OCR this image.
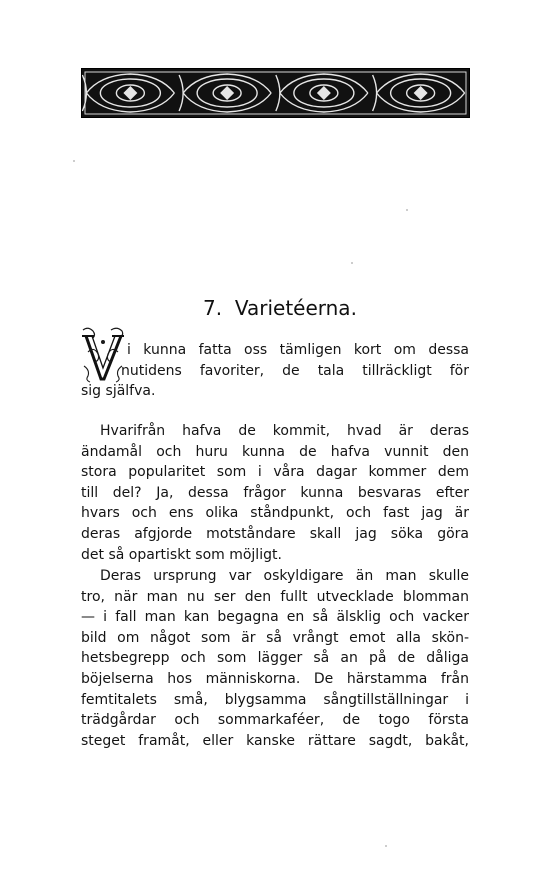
7.  Varietéerna.
i kunna fatta oss tämligen kort om dessa
nutidens favoriter, de tala tillräckligt för
sig själfva.
Hvarifrån hafva de kommit, hvad är deras
ändamål och huru kunna de hafva vunnit den
stora popularitet som i våra dagar kommer dem
till del? Ja, dessa frågor kunna besvaras efter
hvars och ens olika ståndpunkt, och fast jag är
deras afgjorde motståndare skall jag söka göra
det så opartiskt som möjligt.
Deras ursprung var oskyldigare än man skulle
tro, när man nu ser den fullt utvecklade blomman
— i fall man kan begagna en så älsklig och vacker
bild om något som är så vrångt emot alla skön-
hetsbegrepp och som lägger så an på de dåliga
böjelserna hos människorna. De härstamma från
femtitalets små, blygsamma sångtillställningar i
trädgårdar och sommarkaféer, de togo första
steget framåt, eller kanske rättare sagdt, bakåt,
